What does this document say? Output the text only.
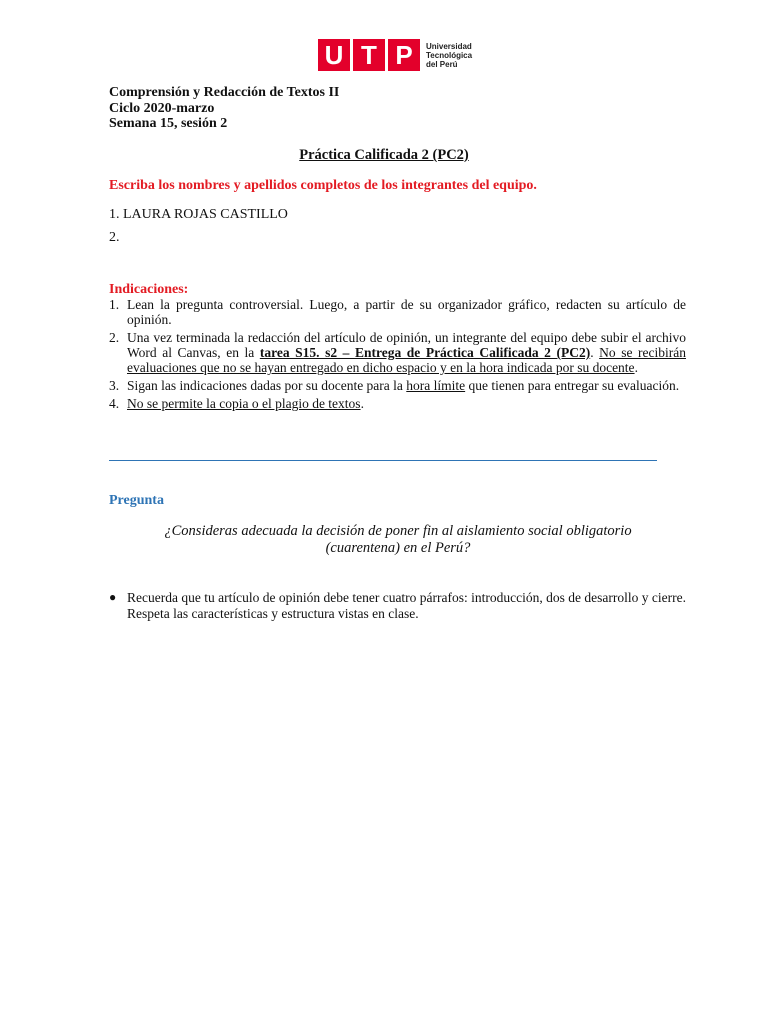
U T P	Universidad
Tecnológica
del Perú
Comprensión y Redacción de Textos II
Ciclo 2020-marzo
Semana 15, sesión 2
Práctica Calificada 2 (PC2)
Escriba los nombres y apellidos completos de los integrantes del equipo.
1. LAURA ROJAS CASTILLO
2.
Indicaciones:
1. Lean la pregunta controversial. Luego, a partir de su organizador gráfico, redacten su artículo de opinión.
2. Una vez terminada la redacción del artículo de opinión, un integrante del equipo debe subir el archivo Word al Canvas, en la tarea S15. s2 – Entrega de Práctica Calificada 2 (PC2). No se recibirán evaluaciones que no se hayan entregado en dicho espacio y en la hora indicada por su docente.
3. Sigan las indicaciones dadas por su docente para la hora límite que tienen para entregar su evaluación.
4. No se permite la copia o el plagio de textos.
Pregunta
¿Consideras adecuada la decisión de poner fin al aislamiento social obligatorio (cuarentena) en el Perú?
● Recuerda que tu artículo de opinión debe tener cuatro párrafos: introducción, dos de desarrollo y cierre. Respeta las características y estructura vistas en clase.
